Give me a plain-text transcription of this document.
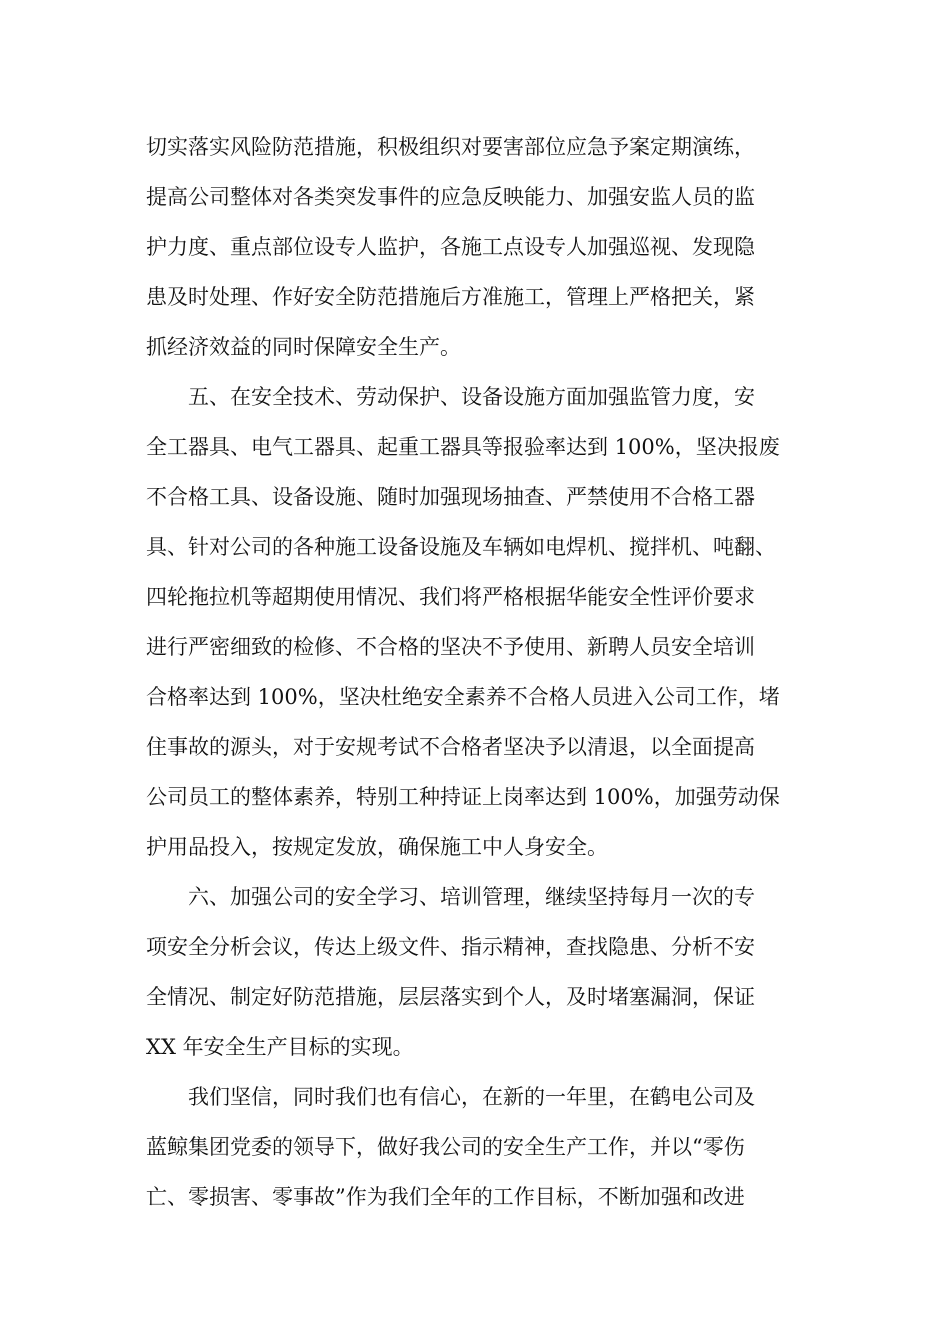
切实落实风险防范措施，积极组织对要害部位应急予案定期演练，
提高公司整体对各类突发事件的应急反映能力、加强安监人员的监
护力度、重点部位设专人监护，各施工点设专人加强巡视、发现隐
患及时处理、作好安全防范措施后方准施工，管理上严格把关，紧
抓经济效益的同时保障安全生产。
五、在安全技术、劳动保护、设备设施方面加强监管力度，安
全工器具、电气工器具、起重工器具等报验率达到 100%，坚决报废
不合格工具、设备设施、随时加强现场抽查、严禁使用不合格工器
具、针对公司的各种施工设备设施及车辆如电焊机、搅拌机、吨翻、
四轮拖拉机等超期使用情况、我们将严格根据华能安全性评价要求
进行严密细致的检修、不合格的坚决不予使用、新聘人员安全培训
合格率达到 100%，坚决杜绝安全素养不合格人员进入公司工作，堵
住事故的源头，对于安规考试不合格者坚决予以清退，以全面提高
公司员工的整体素养，特别工种持证上岗率达到 100%，加强劳动保
护用品投入，按规定发放，确保施工中人身安全。
六、加强公司的安全学习、培训管理，继续坚持每月一次的专
项安全分析会议，传达上级文件、指示精神，查找隐患、分析不安
全情况、制定好防范措施，层层落实到个人，及时堵塞漏洞，保证
XX 年安全生产目标的实现。
我们坚信，同时我们也有信心，在新的一年里，在鹤电公司及
蓝鲸集团党委的领导下，做好我公司的安全生产工作，并以“零伤
亡、零损害、零事故”作为我们全年的工作目标，不断加强和改进
